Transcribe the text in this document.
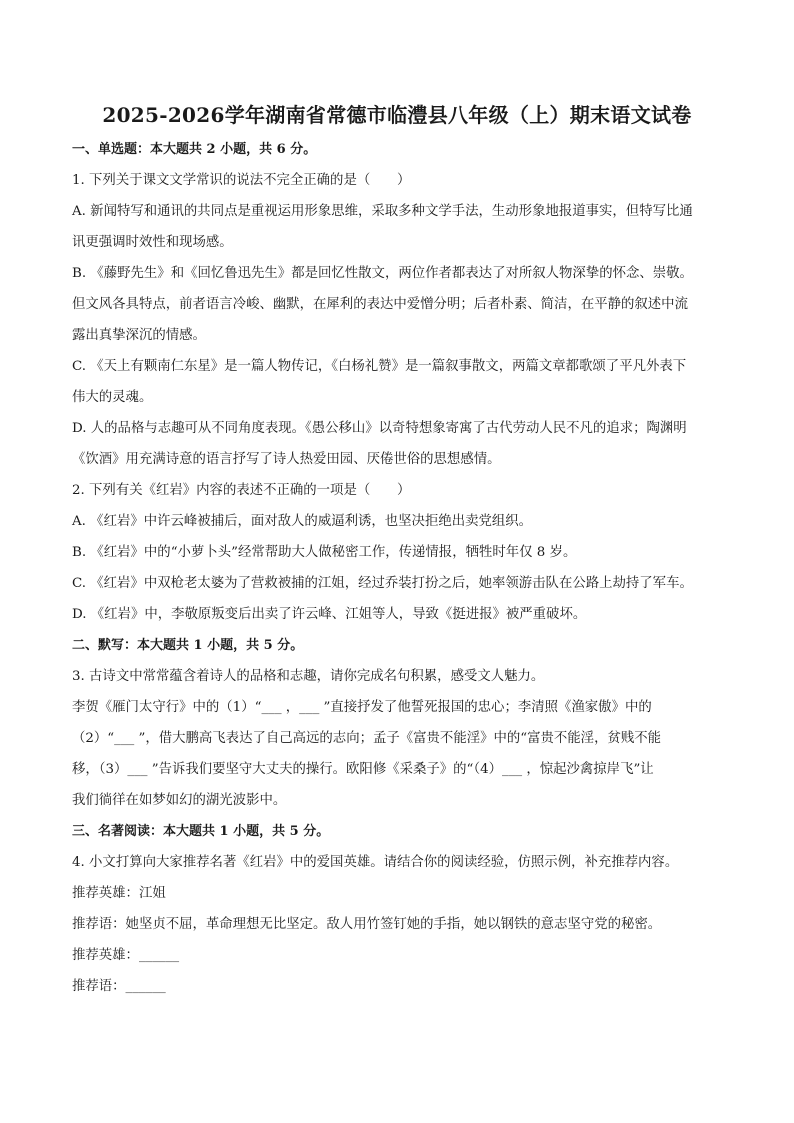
2025-2026学年湖南省常德市临澧县八年级（上）期末语文试卷
一、单选题：本大题共 2 小题，共 6 分。
1. 下列关于课文文学常识的说法不完全正确的是（　　）
A. 新闻特写和通讯的共同点是重视运用形象思维，采取多种文学手法，生动形象地报道事实，但特写比通
讯更强调时效性和现场感。
B. 《藤野先生》和《回忆鲁迅先生》都是回忆性散文，两位作者都表达了对所叙人物深挚的怀念、崇敬。
但文风各具特点，前者语言冷峻、幽默，在犀利的表达中爱憎分明；后者朴素、简洁，在平静的叙述中流
露出真挚深沉的情感。
C. 《天上有颗南仁东星》是一篇人物传记，《白杨礼赞》是一篇叙事散文，两篇文章都歌颂了平凡外表下
伟大的灵魂。
D. 人的品格与志趣可从不同角度表现。《愚公移山》以奇特想象寄寓了古代劳动人民不凡的追求；陶渊明
《饮酒》用充满诗意的语言抒写了诗人热爱田园、厌倦世俗的思想感情。
2. 下列有关《红岩》内容的表述不正确的一项是（　　）
A. 《红岩》中许云峰被捕后，面对敌人的威逼利诱，也坚决拒绝出卖党组织。
B. 《红岩》中的“小萝卜头”经常帮助大人做秘密工作，传递情报，牺牲时年仅 8 岁。
C. 《红岩》中双枪老太婆为了营救被捕的江姐，经过乔装打扮之后，她率领游击队在公路上劫持了军车。
D. 《红岩》中，李敬原叛变后出卖了许云峰、江姐等人，导致《挺进报》被严重破坏。
二、默写：本大题共 1 小题，共 5 分。
3. 古诗文中常常蕴含着诗人的品格和志趣，请你完成名句积累，感受文人魅力。
李贺《雁门太守行》中的（1）“___ ，___ ”直接抒发了他誓死报国的忠心；李清照《渔家傲》中的
（2）“___ ”，借大鹏高飞表达了自己高远的志向；孟子《富贵不能淫》中的“富贵不能淫，贫贱不能
移，（3）___ ”告诉我们要坚守大丈夫的操行。欧阳修《采桑子》的“（4）___ ，惊起沙禽掠岸飞”让
我们徜徉在如梦如幻的湖光波影中。
三、名著阅读：本大题共 1 小题，共 5 分。
4. 小文打算向大家推荐名著《红岩》中的爱国英雄。请结合你的阅读经验，仿照示例，补充推荐内容。
推荐英雄：江姐
推荐语：她坚贞不屈，革命理想无比坚定。敌人用竹签钉她的手指，她以钢铁的意志坚守党的秘密。
推荐英雄：______
推荐语：______
